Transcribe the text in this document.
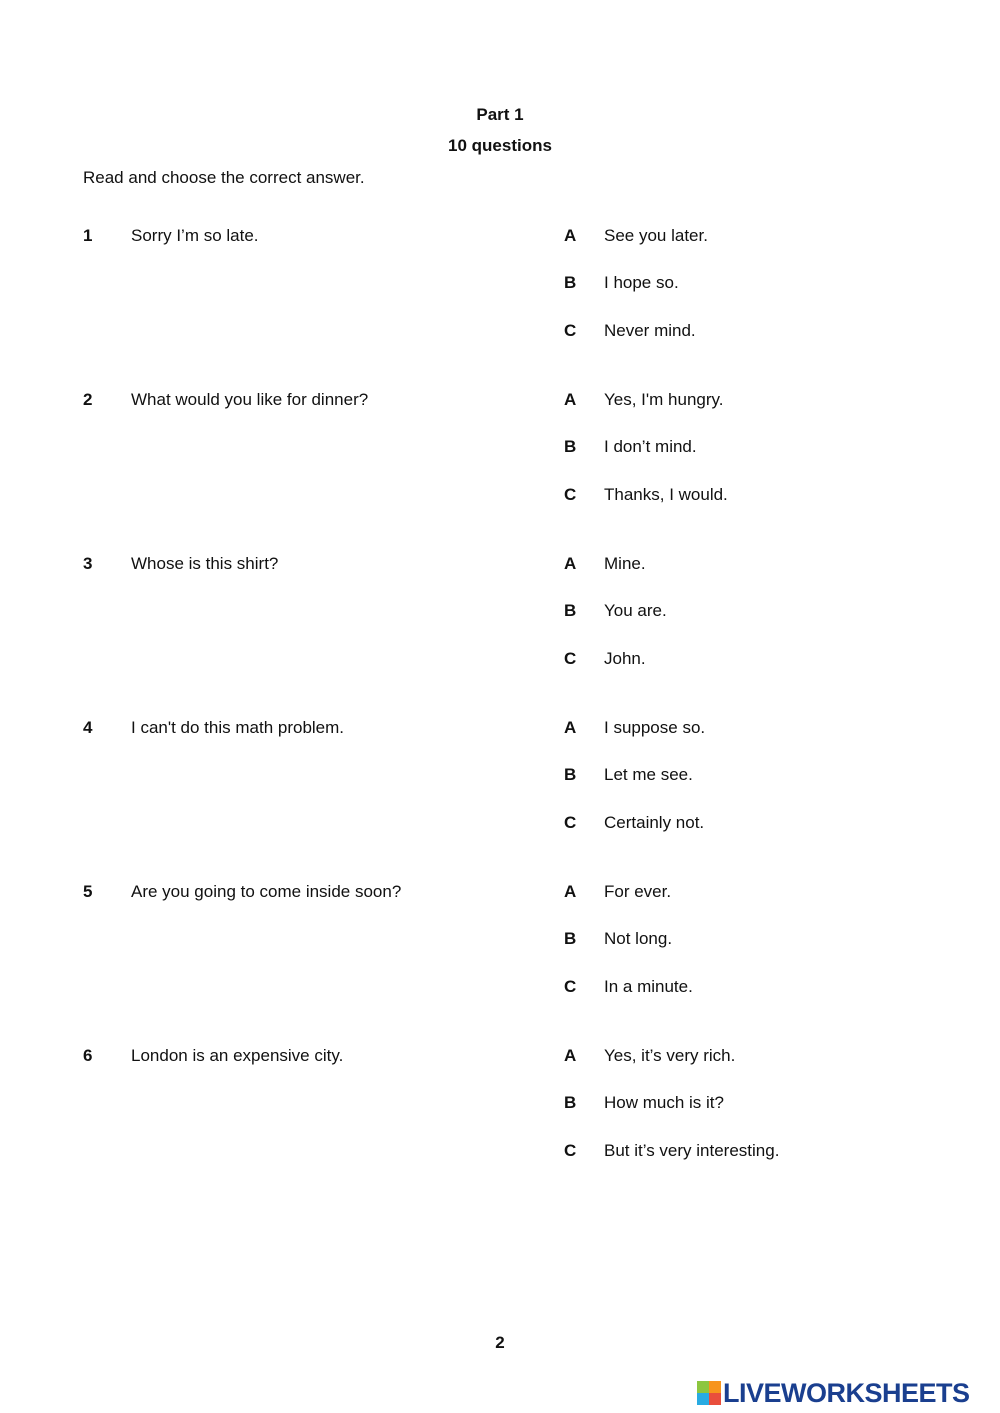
Part 1
10 questions
Read and choose the correct answer.
1 Sorry I’m so late.	A See you later.
B I hope so.
C Never mind.
2 What would you like for dinner?	A Yes, I'm hungry.
B I don’t mind.
C Thanks, I would.
3 Whose is this shirt?	A Mine.
B You are.
C John.
4 I can't do this math problem.	A I suppose so.
B Let me see.
C Certainly not.
5 Are you going to come inside soon?	A For ever.
B Not long.
C In a minute.
6 London is an expensive city.	A Yes, it’s very rich.
B How much is it?
C But it’s very interesting.
2
LIVEWORKSHEETS
